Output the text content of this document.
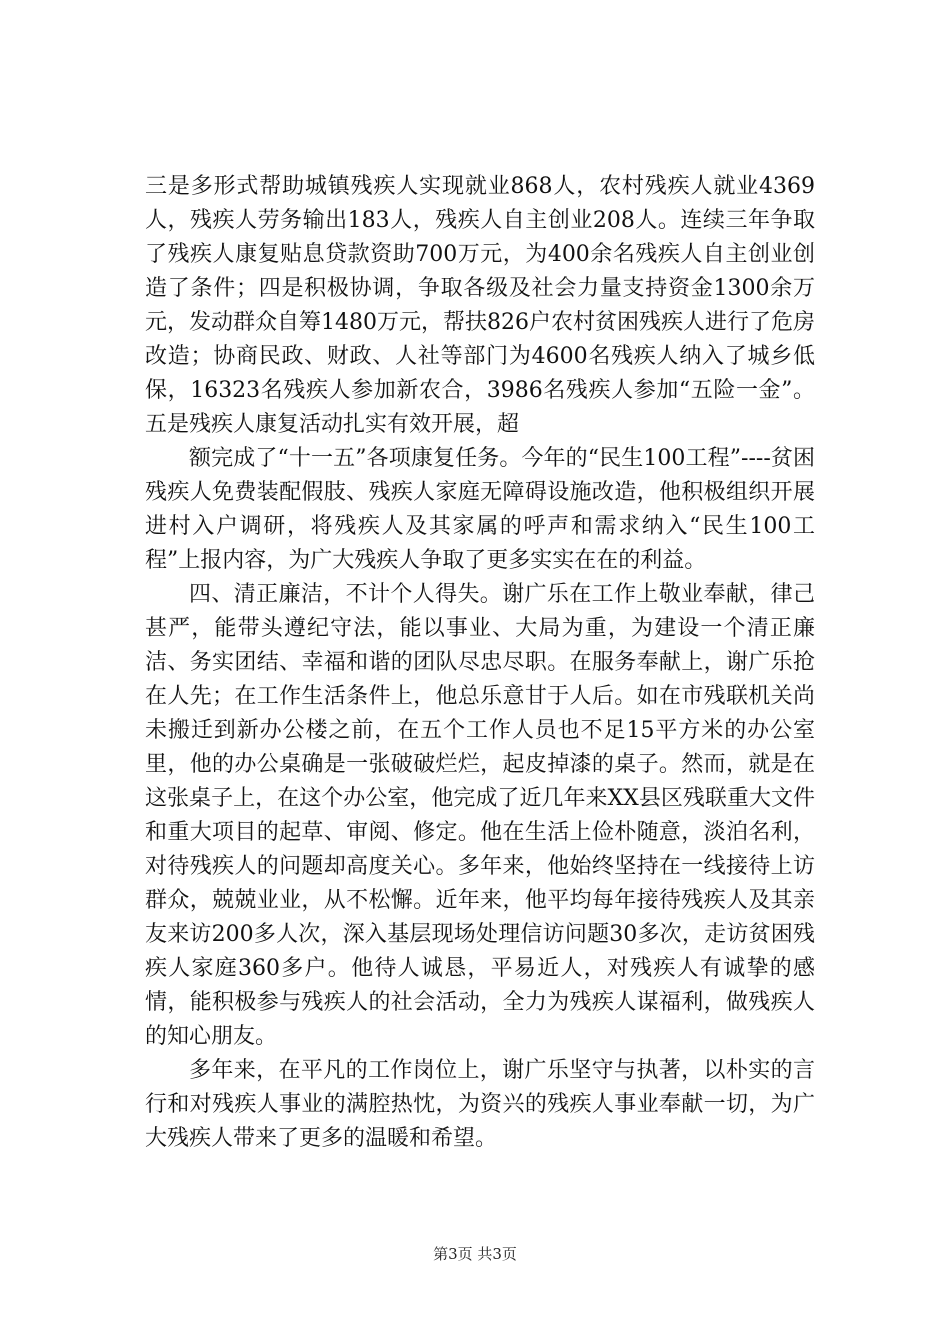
三是多形式帮助城镇残疾人实现就业868人，农村残疾人就业4369人，残疾人劳务输出183人，残疾人自主创业208人。连续三年争取了残疾人康复贴息贷款资助700万元，为400余名残疾人自主创业创造了条件；四是积极协调，争取各级及社会力量支持资金1300余万元，发动群众自筹1480万元，帮扶826户农村贫困残疾人进行了危房改造；协商民政、财政、人社等部门为4600名残疾人纳入了城乡低保，16323名残疾人参加新农合，3986名残疾人参加“五险一金”。五是残疾人康复活动扎实有效开展，超

额完成了“十一五”各项康复任务。今年的“民生100工程”----贫困残疾人免费装配假肢、残疾人家庭无障碍设施改造，他积极组织开展进村入户调研，将残疾人及其家属的呼声和需求纳入“民生100工程”上报内容，为广大残疾人争取了更多实实在在的利益。

四、清正廉洁，不计个人得失。谢广乐在工作上敬业奉献，律己甚严，能带头遵纪守法，能以事业、大局为重，为建设一个清正廉洁、务实团结、幸福和谐的团队尽忠尽职。在服务奉献上，谢广乐抢在人先；在工作生活条件上，他总乐意甘于人后。如在市残联机关尚未搬迁到新办公楼之前，在五个工作人员也不足15平方米的办公室里，他的办公桌确是一张破破烂烂，起皮掉漆的桌子。然而，就是在这张桌子上，在这个办公室，他完成了近几年来XX县区残联重大文件和重大项目的起草、审阅、修定。他在生活上俭朴随意，淡泊名利，对待残疾人的问题却高度关心。多年来，他始终坚持在一线接待上访群众，兢兢业业，从不松懈。近年来，他平均每年接待残疾人及其亲友来访200多人次，深入基层现场处理信访问题30多次，走访贫困残疾人家庭360多户。他待人诚恳，平易近人，对残疾人有诚挚的感情，能积极参与残疾人的社会活动，全力为残疾人谋福利，做残疾人的知心朋友。

多年来，在平凡的工作岗位上，谢广乐坚守与执著，以朴实的言行和对残疾人事业的满腔热忱，为资兴的残疾人事业奉献一切，为广大残疾人带来了更多的温暖和希望。

第3页 共3页
